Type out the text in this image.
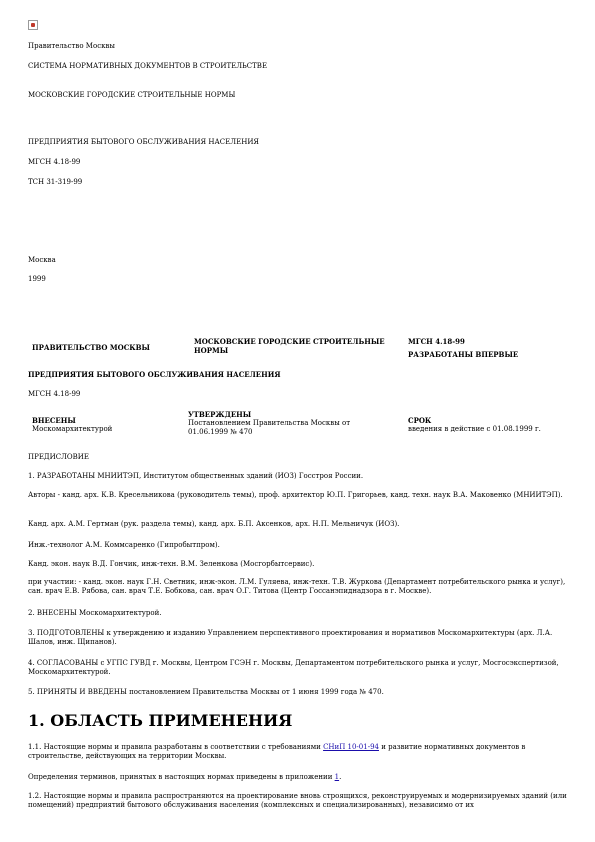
Правительство Москвы
СИСТЕМА НОРМАТИВНЫХ ДОКУМЕНТОВ В СТРОИТЕЛЬСТВЕ
МОСКОВСКИЕ ГОРОДСКИЕ СТРОИТЕЛЬНЫЕ НОРМЫ
ПРЕДПРИЯТИЯ БЫТОВОГО ОБСЛУЖИВАНИЯ НАСЕЛЕНИЯ
МГСН 4.18-99
ТСН 31-319-99
Москва
1999
ПРАВИТЕЛЬСТВО МОСКВЫ
МОСКОВСКИЕ ГОРОДСКИЕ СТРОИТЕЛЬНЫЕ НОРМЫ
МГСН 4.18-99
РАЗРАБОТАНЫ ВПЕРВЫЕ
ПРЕДПРИЯТИЯ БЫТОВОГО ОБСЛУЖИВАНИЯ НАСЕЛЕНИЯ
МГСН 4.18-99
ВНЕСЕНЫ
Москомархитектурой
УТВЕРЖДЕНЫ
Постановлением Правительства Москвы от 01.06.1999 № 470
СРОК
введения в действие с 01.08.1999 г.
ПРЕДИСЛОВИЕ
1. РАЗРАБОТАНЫ МНИИТЭП, Институтом общественных зданий (ИОЗ) Госстроя России.
Авторы - канд. арх. К.В. Кресельникова (руководитель темы), проф. архитектор Ю.П. Григорьев, канд. техн. наук В.А. Маковенко (МНИИТЭП).
Канд. арх. А.М. Гертман (рук. раздела темы), канд. арх. Б.П. Аксенков, арх. Н.П. Мельничук (ИОЗ).
Инж.-технолог А.М. Коммсаренко (Гипробытпром).
Канд. экон. наук В.Д. Гончик, инж-техн. В.М. Зеленкова (Мосгорбытсервис).
при участии: - канд. экон. наук Г.Н. Светник, инж-экон. Л.М. Гуляева, инж-техн. Т.В. Журкова (Департамент потребительского рынка и услуг), сан. врач Е.В. Рябова, сан. врач Т.Е. Бобкова, сан. врач О.Г. Титова (Центр Госсанэпиднадзора в г. Москве).
2. ВНЕСЕНЫ Москомархитектурой.
3. ПОДГОТОВЛЕНЫ к утверждению и изданию Управлением перспективного проектирования и нормативов Москомархитектуры (арх. Л.А. Шалов, инж. Щипанов).
4. СОГЛАСОВАНЫ с УГПС ГУВД г. Москвы, Центром ГСЭН г. Москвы, Департаментом потребительского рынка и услуг, Мосгосэкспертизой, Москомархитектурой.
5. ПРИНЯТЫ И ВВЕДЕНЫ постановлением Правительства Москвы от 1 июня 1999 года № 470.
1. ОБЛАСТЬ ПРИМЕНЕНИЯ
1.1. Настоящие нормы и правила разработаны в соответствии с требованиями СНиП 10-01-94 и развитие нормативных документов в строительстве, действующих на территории Москвы.
Определения терминов, принятых в настоящих нормах приведены в приложении 1.
1.2. Настоящие нормы и правила распространяются на проектирование вновь строящихся, реконструируемых и модернизируемых зданий (или помещений) предприятий бытового обслуживания населения (комплексных и специализированных), независимо от их
